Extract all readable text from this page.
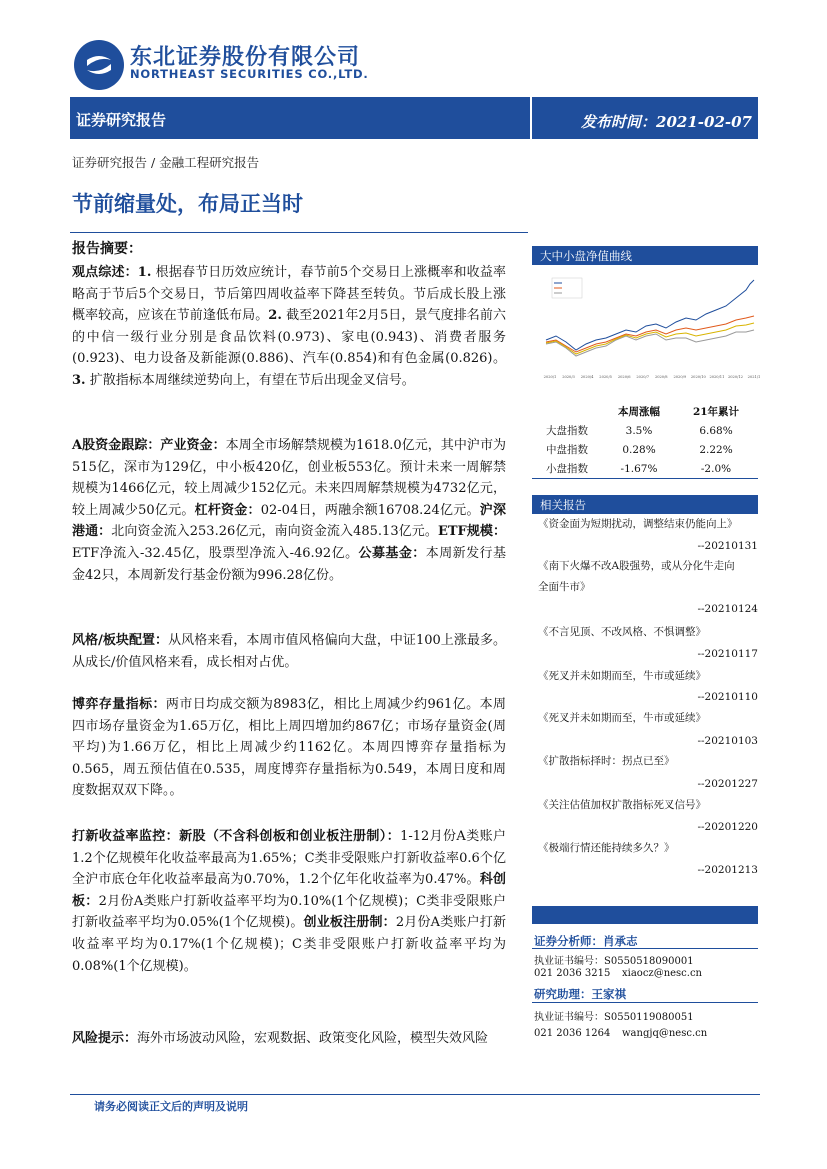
东北证券股份有限公司
NORTHEAST SECURITIES CO.,LTD.
证券研究报告	发布时间：2021-02-07
证券研究报告 / 金融工程研究报告
节前缩量处，布局正当时
报告摘要：
观点综述：1. 根据春节日历效应统计，春节前5个交易日上涨概率和收益率略高于节后5个交易日，节后第四周收益率下降甚至转负。节后成长股上涨概率较高，应该在节前逢低布局。2. 截至2021年2月5日，景气度排名前六的中信一级行业分别是食品饮料(0.973)、家电(0.943)、消费者服务(0.923)、电力设备及新能源(0.886)、汽车(0.854)和有色金属(0.826)。3. 扩散指标本周继续逆势向上，有望在节后出现金叉信号。
A股资金跟踪：产业资金：本周全市场解禁规模为1618.0亿元，其中沪市为515亿，深市为129亿，中小板420亿，创业板553亿。预计未来一周解禁规模为1466亿元，较上周减少152亿元。未来四周解禁规模为4732亿元，较上周减少50亿元。杠杆资金：02-04日，两融余额16708.24亿元。沪深港通：北向资金流入253.26亿元，南向资金流入485.13亿元。ETF规模： ETF净流入-32.45亿，股票型净流入-46.92亿。公募基金：本周新发行基金42只，本周新发行基金份额为996.28亿份。
风格/板块配置：从风格来看，本周市值风格偏向大盘，中证100上涨最多。从成长/价值风格来看，成长相对占优。
博弈存量指标：两市日均成交额为8983亿，相比上周减少约961亿。本周四市场存量资金为1.65万亿，相比上周四增加约867亿；市场存量资金(周平均)为1.66万亿，相比上周减少约1162亿。本周四博弈存量指标为0.565，周五预估值在0.535，周度博弈存量指标为0.549，本周日度和周度数据双双下降。。
打新收益率监控：新股（不含科创板和创业板注册制）：1-12月份A类账户1.2个亿规模年化收益率最高为1.65%；C类非受限账户打新收益率0.6个亿全沪市底仓年化收益率最高为0.70%，1.2个亿年化收益率为0.47%。科创板：2月份A类账户打新收益率平均为0.10%(1个亿规模)；C类非受限账户打新收益率平均为0.05%(1个亿规模)。创业板注册制：2月份A类账户打新收益率平均为0.17%(1个亿规模)；C类非受限账户打新收益率平均为0.08%(1个亿规模)。
风险提示：海外市场波动风险，宏观数据、政策变化风险，模型失效风险
大中小盘净值曲线
2020/1 2020/3 2020/4 2020/5 2020/6 2020/7 2020/8 2020/9 2020/10 2020/11 2020/12 2021/1
	本周涨幅	21年累计
大盘指数	3.5%	6.68%
中盘指数	0.28%	2.22%
小盘指数	-1.67%	-2.0%
相关报告
《资金面为短期扰动，调整结束仍能向上》
--20210131
《南下火爆不改A股强势，或从分化牛走向全面牛市》
--20210124
《不言见顶、不改风格、不惧调整》
--20210117
《死叉并未如期而至，牛市或延续》
--20210110
《死叉并未如期而至，牛市或延续》
--20210103
《扩散指标择时：拐点已至》
--20201227
《关注估值加权扩散指标死叉信号》
--20201220
《极端行情还能持续多久？》
--20201213
证券分析师：肖承志
执业证书编号：S0550518090001
021 2036 3215 xiaocz@nesc.cn
研究助理：王家祺
执业证书编号：S0550119080051
021 2036 1264 wangjq@nesc.cn
请务必阅读正文后的声明及说明
